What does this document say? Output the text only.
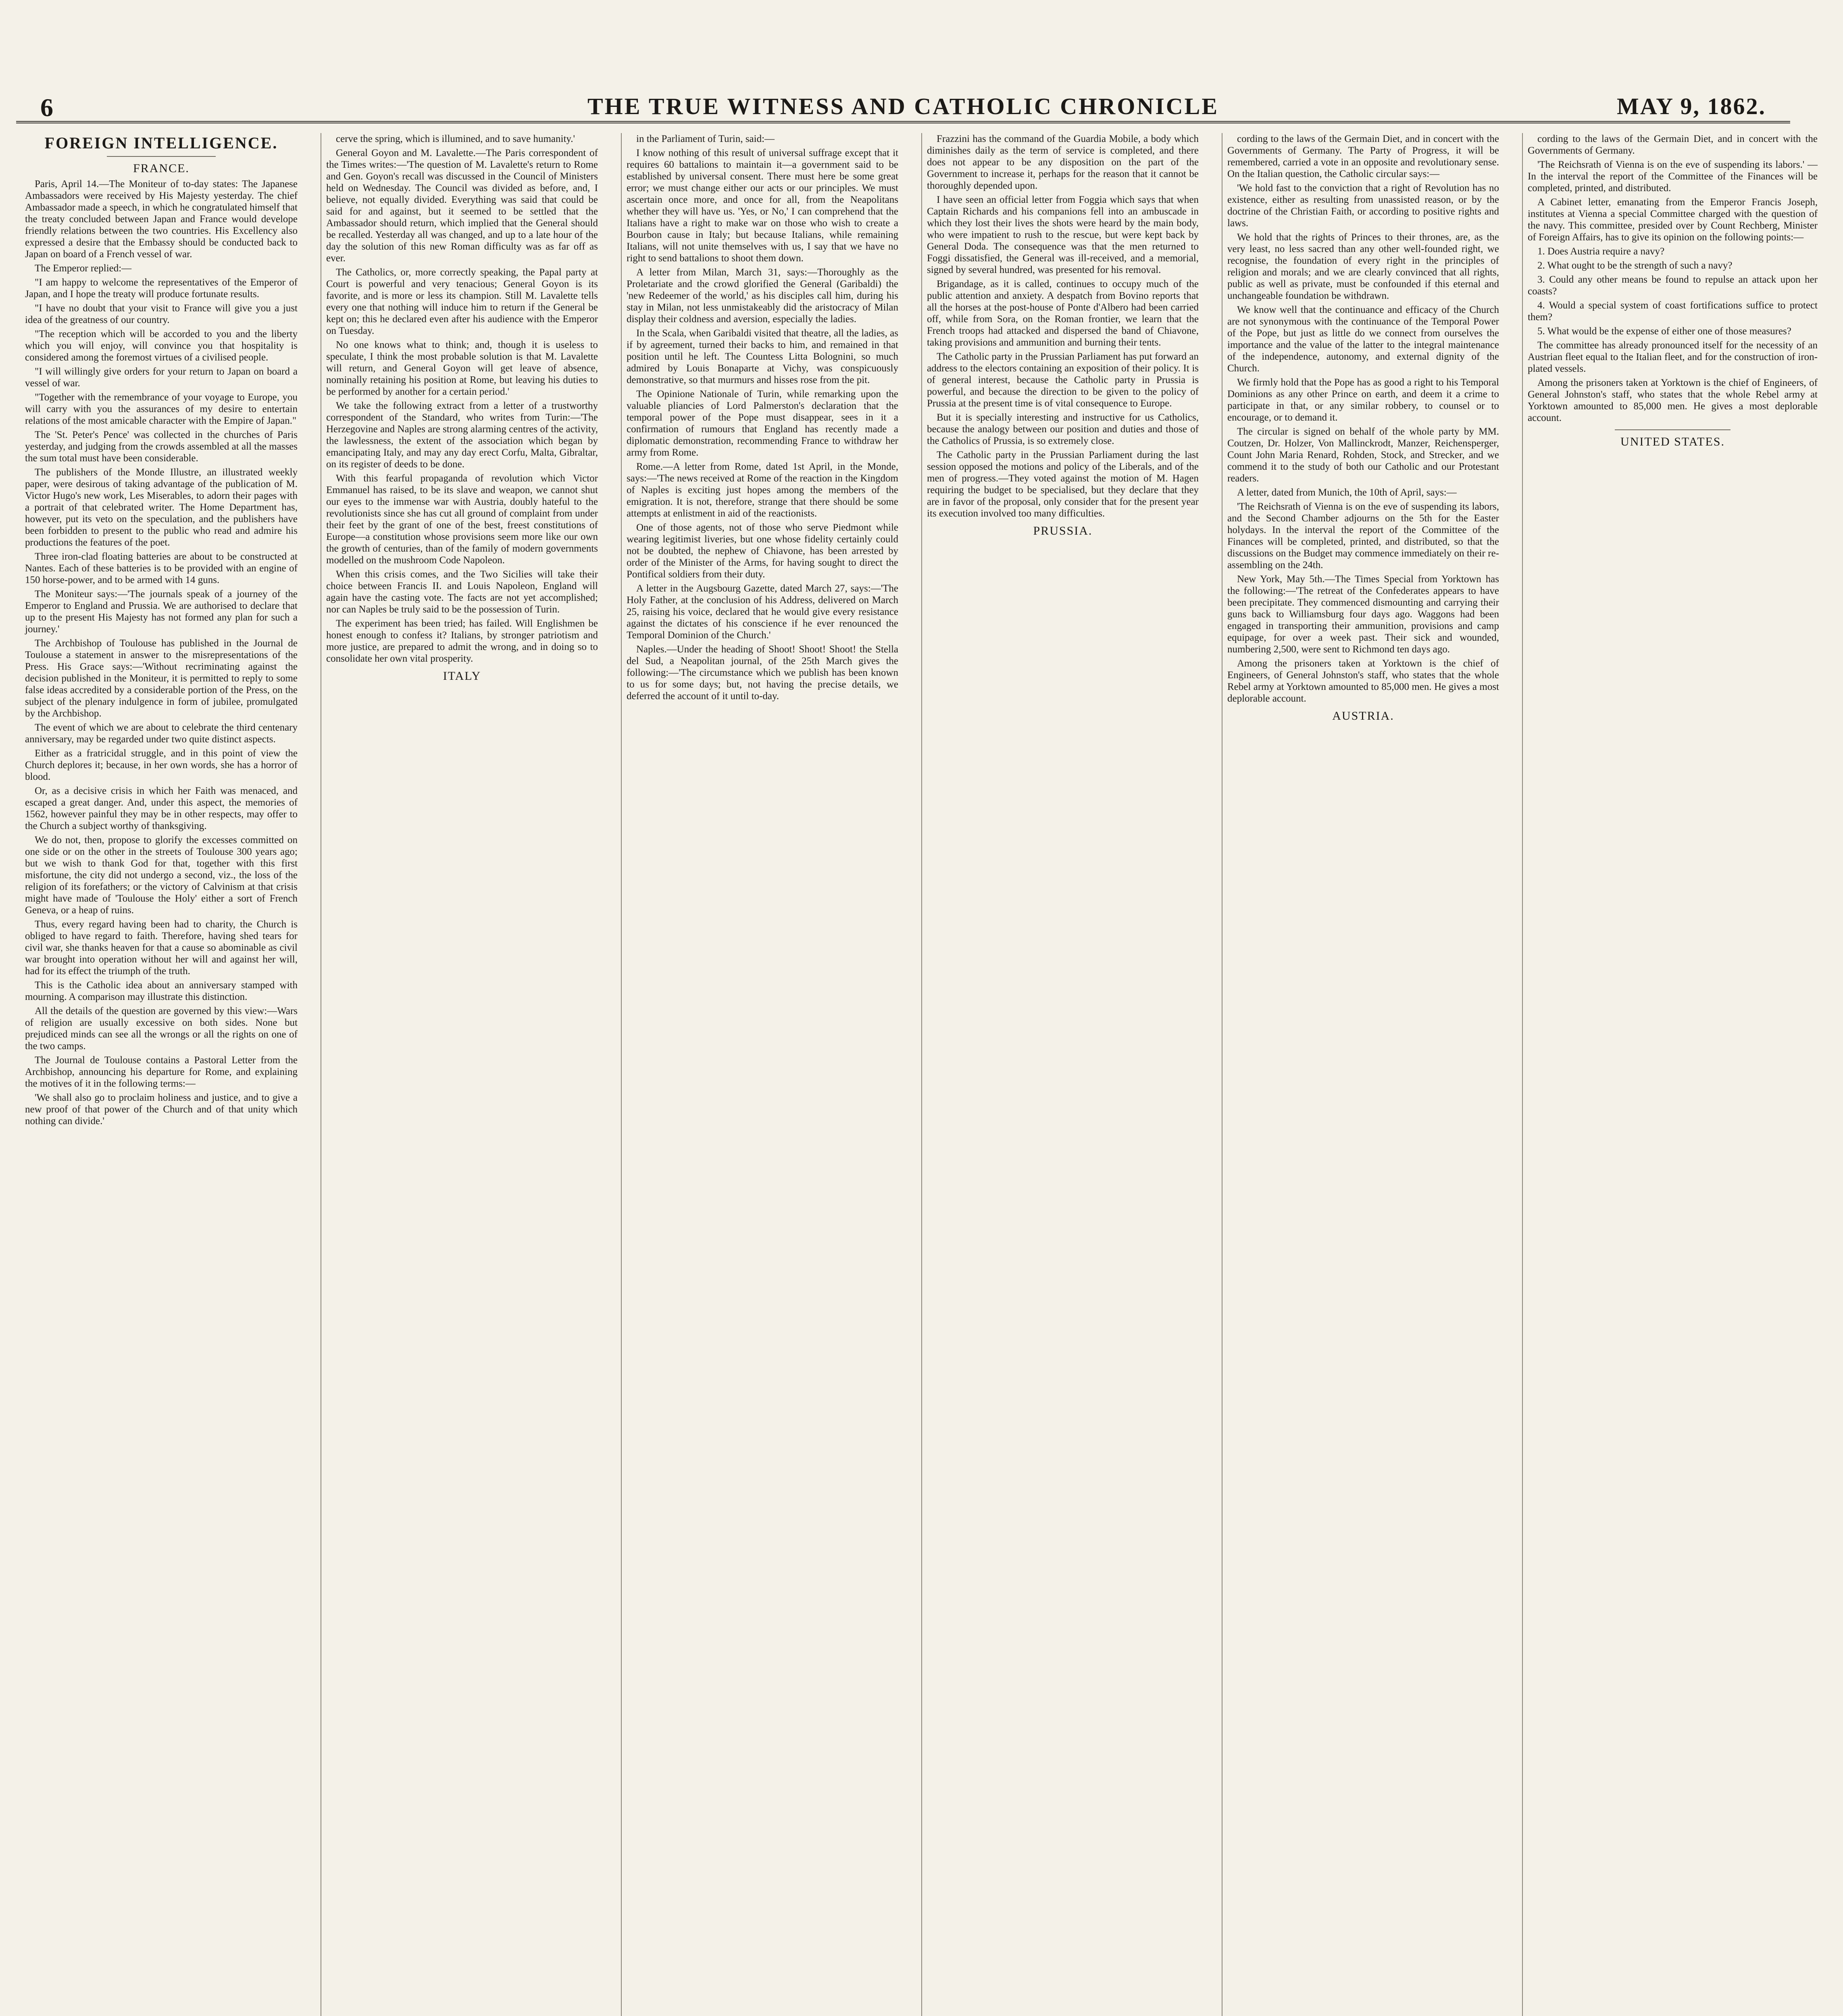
6	THE TRUE WITNESS AND CATHOLIC CHRONICLE	MAY 9, 1862.
FOREIGN INTELLIGENCE.
FRANCE.

Paris, April 14.—The Moniteur of to-day states: The Japanese Ambassadors were received by His Majesty yesterday. The chief Ambassador made a speech, in which he congratulated himself that the treaty concluded between Japan and France would develope friendly relations between the two countries. His Excellency also expressed a desire that the Embassy should be conducted back to Japan on board of a French vessel of war.

The Emperor replied:—

"I am happy to welcome the representatives of the Emperor of Japan, and I hope the treaty will produce fortunate results.

"I have no doubt that your visit to France will give you a just idea of the greatness of our country.

"The reception which will be accorded to you and the liberty which you will enjoy, will convince you that hospitality is considered among the foremost virtues of a civilised people.

"I will willingly give orders for your return to Japan on board a vessel of war.

"Together with the remembrance of your voyage to Europe, you will carry with you the assurances of my desire to entertain relations of the most amicable character with the Empire of Japan."

The 'St. Peter's Pence' was collected in the churches of Paris yesterday, and judging from the crowds assembled at all the masses the sum total must have been considerable.

The publishers of the Monde Illustre, an illustrated weekly paper, were desirous of taking advantage of the publication of M. Victor Hugo's new work, Les Miserables, to adorn their pages with a portrait of that celebrated writer. The Home Department has, however, put its veto on the speculation, and the publishers have been forbidden to present to the public who read and admire his productions the features of the poet.

Three iron-clad floating batteries are about to be constructed at Nantes. Each of these batteries is to be provided with an engine of 150 horse-power, and to be armed with 14 guns.

The Moniteur says:—'The journals speak of a journey of the Emperor to England and Prussia. We are authorised to declare that up to the present His Majesty has not formed any plan for such a journey.'

The Archbishop of Toulouse has published in the Journal de Toulouse a statement in answer to the misrepresentations of the Press. His Grace says:—'Without recriminating against the decision published in the Moniteur, it is permitted to reply to some false ideas accredited by a considerable portion of the Press, on the subject of the plenary indulgence in form of jubilee, promulgated by the Archbishop.

The event of which we are about to celebrate the third centenary anniversary, may be regarded under two quite distinct aspects.

Either as a fratricidal struggle, and in this point of view the Church deplores it; because, in her own words, she has a horror of blood.

Or, as a decisive crisis in which her Faith was menaced, and escaped a great danger. And, under this aspect, the memories of 1562, however painful they may be in other respects, may offer to the Church a subject worthy of thanksgiving.

We do not, then, propose to glorify the excesses committed on one side or on the other in the streets of Toulouse 300 years ago; but we wish to thank God for that, together with this first misfortune, the city did not undergo a second, viz., the loss of the religion of its forefathers; or the victory of Calvinism at that crisis might have made of 'Toulouse the Holy' either a sort of French Geneva, or a heap of ruins.

Thus, every regard having been had to charity, the Church is obliged to have regard to faith. Therefore, having shed tears for civil war, she thanks heaven for that a cause so abominable as civil war brought into operation without her will and against her will, had for its effect the triumph of the truth.

This is the Catholic idea about an anniversary stamped with mourning. A comparison may illustrate this distinction.

All the details of the question are governed by this view:—Wars of religion are usually excessive on both sides. None but prejudiced minds can see all the wrongs or all the rights on one of the two camps.

The Journal de Toulouse contains a Pastoral Letter from the Archbishop, announcing his departure for Rome, and explaining the motives of it in the following terms:—

'We shall also go to proclaim holiness and justice, and to give a new proof of that power of the Church and of that unity which nothing can divide.'

cerve the spring, which is illumined, and to save humanity.'

General Goyon and M. Lavalette.—The Paris correspondent of the Times writes:—'The question of M. Lavalette's return to Rome and Gen. Goyon's recall was discussed in the Council of Ministers held on Wednesday. The Council was divided as before, and, I believe, not equally divided. Everything was said that could be said for and against, but it seemed to be settled that the Ambassador should return, which implied that the General should be recalled. Yesterday all was changed, and up to a late hour of the day the solution of this new Roman difficulty was as far off as ever.

The Catholics, or, more correctly speaking, the Papal party at Court is powerful and very tenacious; General Goyon is its favorite, and is more or less its champion. Still M. Lavalette tells every one that nothing will induce him to return if the General be kept on; this he declared even after his audience with the Emperor on Tuesday.

No one knows what to think; and, though it is useless to speculate, I think the most probable solution is that M. Lavalette will return, and General Goyon will get leave of absence, nominally retaining his position at Rome, but leaving his duties to be performed by another for a certain period.'

We take the following extract from a letter of a trustworthy correspondent of the Standard, who writes from Turin:—'The Herzegovine and Naples are strong alarming centres of the activity, the lawlessness, the extent of the association which began by emancipating Italy, and may any day erect Corfu, Malta, Gibraltar, on its register of deeds to be done.

With this fearful propaganda of revolution which Victor Emmanuel has raised, to be its slave and weapon, we cannot shut our eyes to the immense war with Austria, doubly hateful to the revolutionists since she has cut all ground of complaint from under their feet by the grant of one of the best, freest constitutions of Europe—a constitution whose provisions seem more like our own the growth of centuries, than of the family of modern governments modelled on the mushroom Code Napoleon.

When this crisis comes, and the Two Sicilies will take their choice between Francis II. and Louis Napoleon, England will again have the casting vote. The facts are not yet accomplished; nor can Naples be truly said to be the possession of Turin.

The experiment has been tried; has failed. Will Englishmen be honest enough to confess it? Italians, by stronger patriotism and more justice, are prepared to admit the wrong, and in doing so to consolidate her own vital prosperity.

ITALY

in the Parliament of Turin, said:—

I know nothing of this result of universal suffrage except that it requires 60 battalions to maintain it—a government said to be established by universal consent. There must here be some great error; we must change either our acts or our principles. We must ascertain once more, and once for all, from the Neapolitans whether they will have us. 'Yes, or No,' I can comprehend that the Italians have a right to make war on those who wish to create a Bourbon cause in Italy; but because Italians, while remaining Italians, will not unite themselves with us, I say that we have no right to send battalions to shoot them down.

A letter from Milan, March 31, says:—Thoroughly as the Proletariate and the crowd glorified the General (Garibaldi) the 'new Redeemer of the world,' as his disciples call him, during his stay in Milan, not less unmistakeably did the aristocracy of Milan display their coldness and aversion, especially the ladies.

In the Scala, when Garibaldi visited that theatre, all the ladies, as if by agreement, turned their backs to him, and remained in that position until he left. The Countess Litta Bolognini, so much admired by Louis Bonaparte at Vichy, was conspicuously demonstrative, so that murmurs and hisses rose from the pit.

The Opinione Nationale of Turin, while remarking upon the valuable pliancies of Lord Palmerston's declaration that the temporal power of the Pope must disappear, sees in it a confirmation of rumours that England has recently made a diplomatic demonstration, recommending France to withdraw her army from Rome.

Rome.—A letter from Rome, dated 1st April, in the Monde, says:—'The news received at Rome of the reaction in the Kingdom of Naples is exciting just hopes among the members of the emigration. It is not, therefore, strange that there should be some attempts at enlistment in aid of the reactionists.

One of those agents, not of those who serve Piedmont while wearing legitimist liveries, but one whose fidelity certainly could not be doubted, the nephew of Chiavone, has been arrested by order of the Minister of the Arms, for having sought to direct the Pontifical soldiers from their duty.

A letter in the Augsbourg Gazette, dated March 27, says:—'The Holy Father, at the conclusion of his Address, delivered on March 25, raising his voice, declared that he would give every resistance against the dictates of his conscience if he ever renounced the Temporal Dominion of the Church.'

Naples.—Under the heading of Shoot! Shoot! Shoot! the Stella del Sud, a Neapolitan journal, of the 25th March gives the following:—'The circumstance which we publish has been known to us for some days; but, not having the precise details, we deferred the account of it until to-day.

Frazzini has the command of the Guardia Mobile, a body which diminishes daily as the term of service is completed, and there does not appear to be any disposition on the part of the Government to increase it, perhaps for the reason that it cannot be thoroughly depended upon.

I have seen an official letter from Foggia which says that when Captain Richards and his companions fell into an ambuscade in which they lost their lives the shots were heard by the main body, who were impatient to rush to the rescue, but were kept back by General Doda. The consequence was that the men returned to Foggi dissatisfied, the General was ill-received, and a memorial, signed by several hundred, was presented for his removal.

Brigandage, as it is called, continues to occupy much of the public attention and anxiety. A despatch from Bovino reports that all the horses at the post-house of Ponte d'Albero had been carried off, while from Sora, on the Roman frontier, we learn that the French troops had attacked and dispersed the band of Chiavone, taking provisions and ammunition and burning their tents.

The Catholic party in the Prussian Parliament has put forward an address to the electors containing an exposition of their policy. It is of general interest, because the Catholic party in Prussia is powerful, and because the direction to be given to the policy of Prussia at the present time is of vital consequence to Europe.

But it is specially interesting and instructive for us Catholics, because the analogy between our position and duties and those of the Catholics of Prussia, is so extremely close.

The Catholic party in the Prussian Parliament during the last session opposed the motions and policy of the Liberals, and of the men of progress.—They voted against the motion of M. Hagen requiring the budget to be specialised, but they declare that they are in favor of the proposal, only consider that for the present year its execution involved too many difficulties.

PRUSSIA.

cording to the laws of the Germain Diet, and in concert with the Governments of Germany. The Party of Progress, it will be remembered, carried a vote in an opposite and revolutionary sense. On the Italian question, the Catholic circular says:—

'We hold fast to the conviction that a right of Revolution has no existence, either as resulting from unassisted reason, or by the doctrine of the Christian Faith, or according to positive rights and laws.

We hold that the rights of Princes to their thrones, are, as the very least, no less sacred than any other well-founded right, we recognise, the foundation of every right in the principles of religion and morals; and we are clearly convinced that all rights, public as well as private, must be confounded if this eternal and unchangeable foundation be withdrawn.

We know well that the continuance and efficacy of the Church are not synonymous with the continuance of the Temporal Power of the Pope, but just as little do we connect from ourselves the importance and the value of the latter to the integral maintenance of the independence, autonomy, and external dignity of the Church.

We firmly hold that the Pope has as good a right to his Temporal Dominions as any other Prince on earth, and deem it a crime to participate in that, or any similar robbery, to counsel or to encourage, or to demand it.

The circular is signed on behalf of the whole party by MM. Coutzen, Dr. Holzer, Von Mallinckrodt, Manzer, Reichensperger, Count John Maria Renard, Rohden, Stock, and Strecker, and we commend it to the study of both our Catholic and our Protestant readers.

A letter, dated from Munich, the 10th of April, says:—

'The Reichsrath of Vienna is on the eve of suspending its labors, and the Second Chamber adjourns on the 5th for the Easter holydays. In the interval the report of the Committee of the Finances will be completed, printed, and distributed, so that the discussions on the Budget may commence immediately on their re-assembling on the 24th.

New York, May 5th.—The Times Special from Yorktown has the following:—'The retreat of the Confederates appears to have been precipitate. They commenced dismounting and carrying their guns back to Williamsburg four days ago. Waggons had been engaged in transporting their ammunition, provisions and camp equipage, for over a week past. Their sick and wounded, numbering 2,500, were sent to Richmond ten days ago.

Among the prisoners taken at Yorktown is the chief of Engineers, of General Johnston's staff, who states that the whole Rebel army at Yorktown amounted to 85,000 men. He gives a most deplorable account.

AUSTRIA.

cording to the laws of the Germain Diet, and in concert with the Governments of Germany.

'The Reichsrath of Vienna is on the eve of suspending its labors.' — In the interval the report of the Committee of the Finances will be completed, printed, and distributed.

A Cabinet letter, emanating from the Emperor Francis Joseph, institutes at Vienna a special Committee charged with the question of the navy. This committee, presided over by Count Rechberg, Minister of Foreign Affairs, has to give its opinion on the following points:—

1. Does Austria require a navy?

2. What ought to be the strength of such a navy?

3. Could any other means be found to repulse an attack upon her coasts?

4. Would a special system of coast fortifications suffice to protect them?

5. What would be the expense of either one of those measures?

The committee has already pronounced itself for the necessity of an Austrian fleet equal to the Italian fleet, and for the construction of iron-plated vessels.

Among the prisoners taken at Yorktown is the chief of Engineers, of General Johnston's staff, who states that the whole Rebel army at Yorktown amounted to 85,000 men. He gives a most deplorable account.

UNITED STATES.
